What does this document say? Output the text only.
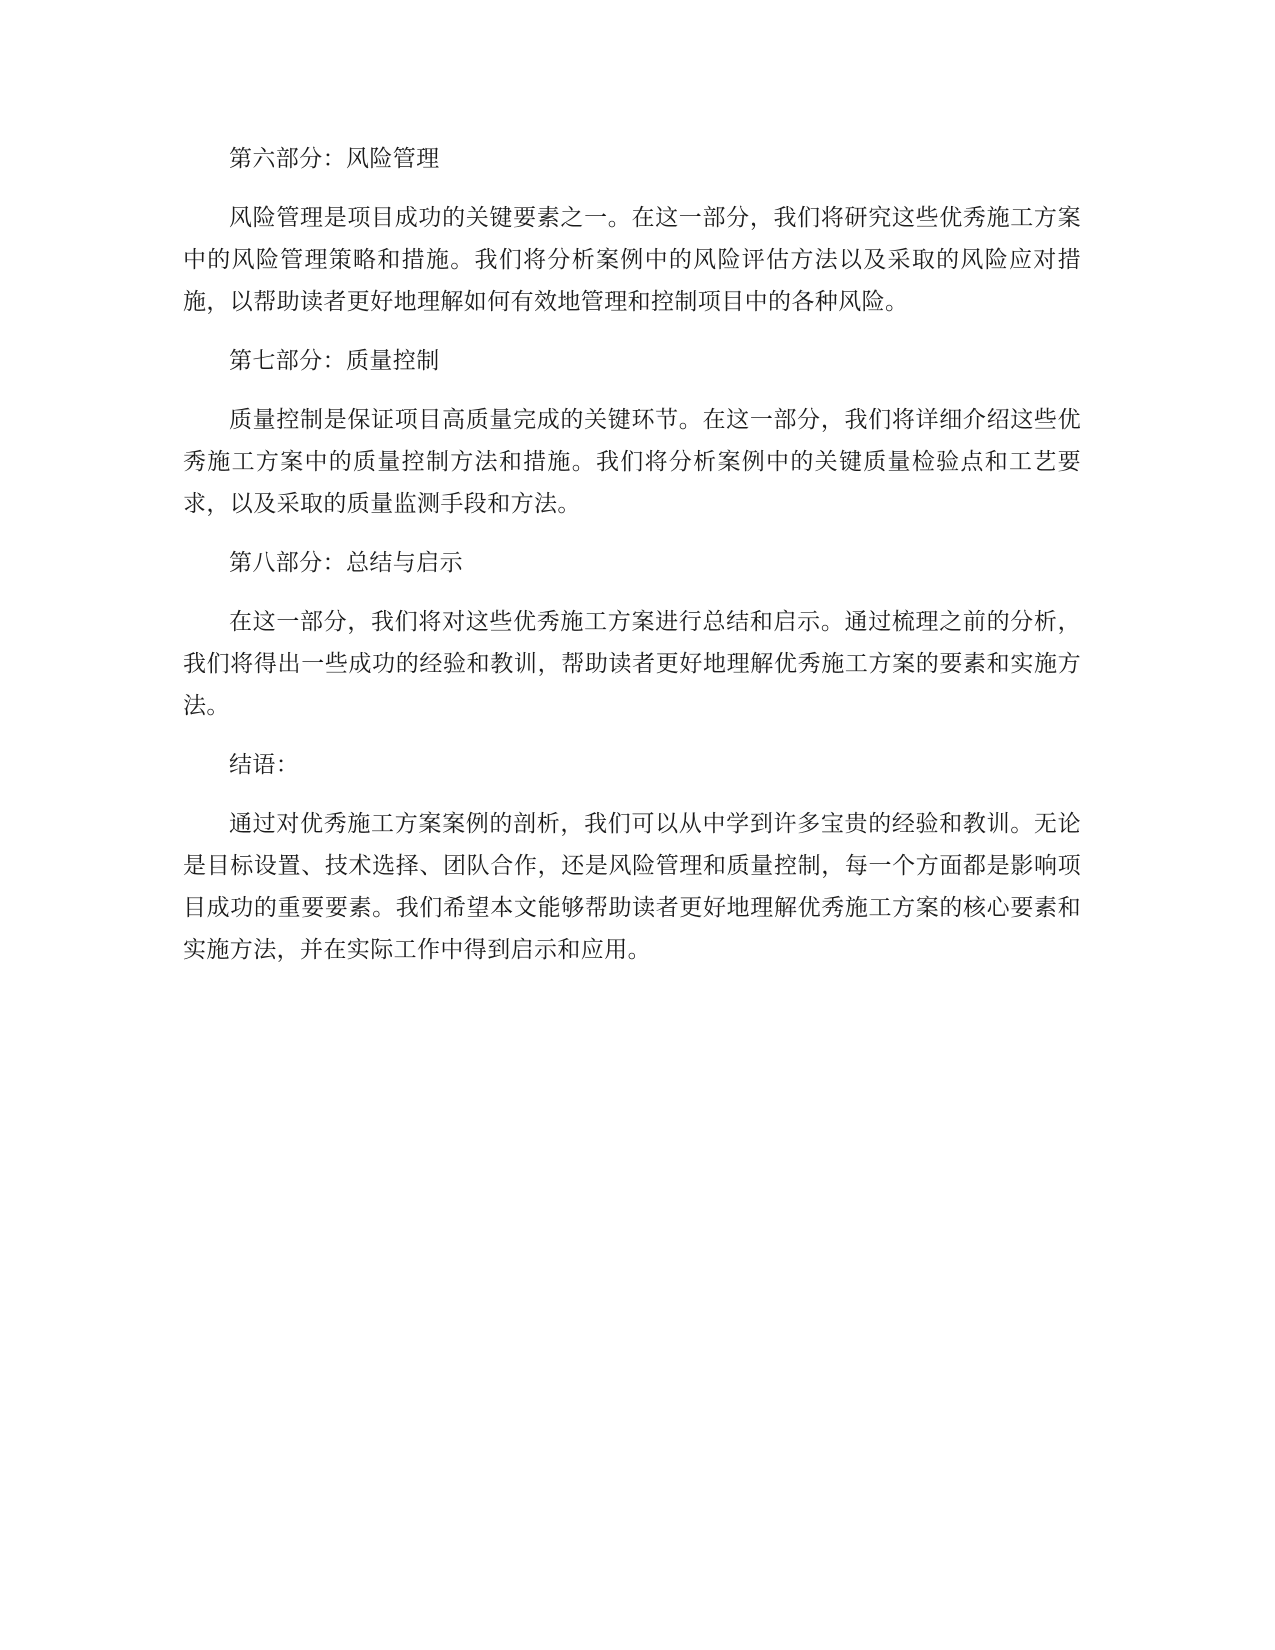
第六部分：风险管理

风险管理是项目成功的关键要素之一。在这一部分，我们将研究这些优秀施工方案中的风险管理策略和措施。我们将分析案例中的风险评估方法以及采取的风险应对措施，以帮助读者更好地理解如何有效地管理和控制项目中的各种风险。

第七部分：质量控制

质量控制是保证项目高质量完成的关键环节。在这一部分，我们将详细介绍这些优秀施工方案中的质量控制方法和措施。我们将分析案例中的关键质量检验点和工艺要求，以及采取的质量监测手段和方法。

第八部分：总结与启示

在这一部分，我们将对这些优秀施工方案进行总结和启示。通过梳理之前的分析，我们将得出一些成功的经验和教训，帮助读者更好地理解优秀施工方案的要素和实施方法。

结语：

通过对优秀施工方案案例的剖析，我们可以从中学到许多宝贵的经验和教训。无论是目标设置、技术选择、团队合作，还是风险管理和质量控制，每一个方面都是影响项目成功的重要要素。我们希望本文能够帮助读者更好地理解优秀施工方案的核心要素和实施方法，并在实际工作中得到启示和应用。
